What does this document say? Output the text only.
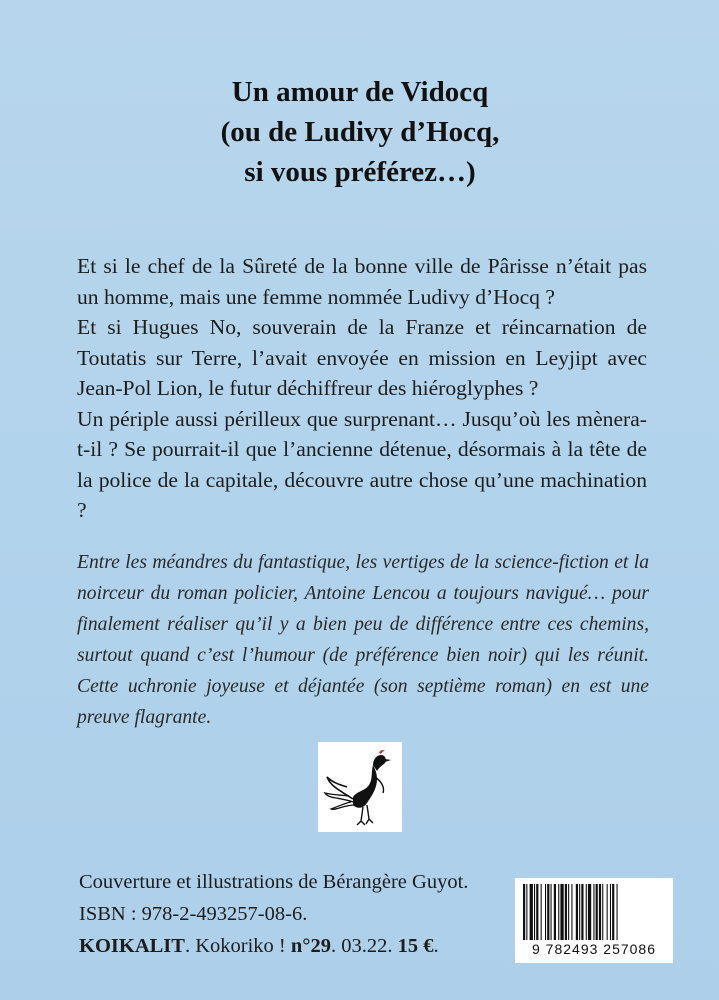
Un amour de Vidocq
(ou de Ludivy d’Hocq,
si vous préférez…)

Et si le chef de la Sûreté de la bonne ville de Pârisse n’était pas un homme, mais une femme nommée Ludivy d’Hocq ?

Et si Hugues No, souverain de la Franze et réincarnation de Toutatis sur Terre, l’avait envoyée en mission en Leyjipt avec Jean-Pol Lion, le futur déchiffreur des hiéroglyphes ?

Un périple aussi périlleux que surprenant… Jusqu’où les mènera-t-il ? Se pourrait-il que l’ancienne détenue, désormais à la tête de la police de la capitale, découvre autre chose qu’une machination ?

Entre les méandres du fantastique, les vertiges de la science-fiction et la noirceur du roman policier, Antoine Lencou a toujours navigué… pour finalement réaliser qu’il y a bien peu de différence entre ces chemins, surtout quand c’est l’humour (de préférence bien noir) qui les réunit. Cette uchronie joyeuse et déjantée (son septième roman) en est une preuve flagrante.
Couverture et illustrations de Bérangère Guyot.
ISBN : 978-2-493257-08-6.
KOIKALIT. Kokoriko ! n°29. 03.22. 15 €.	9 782493 257086
